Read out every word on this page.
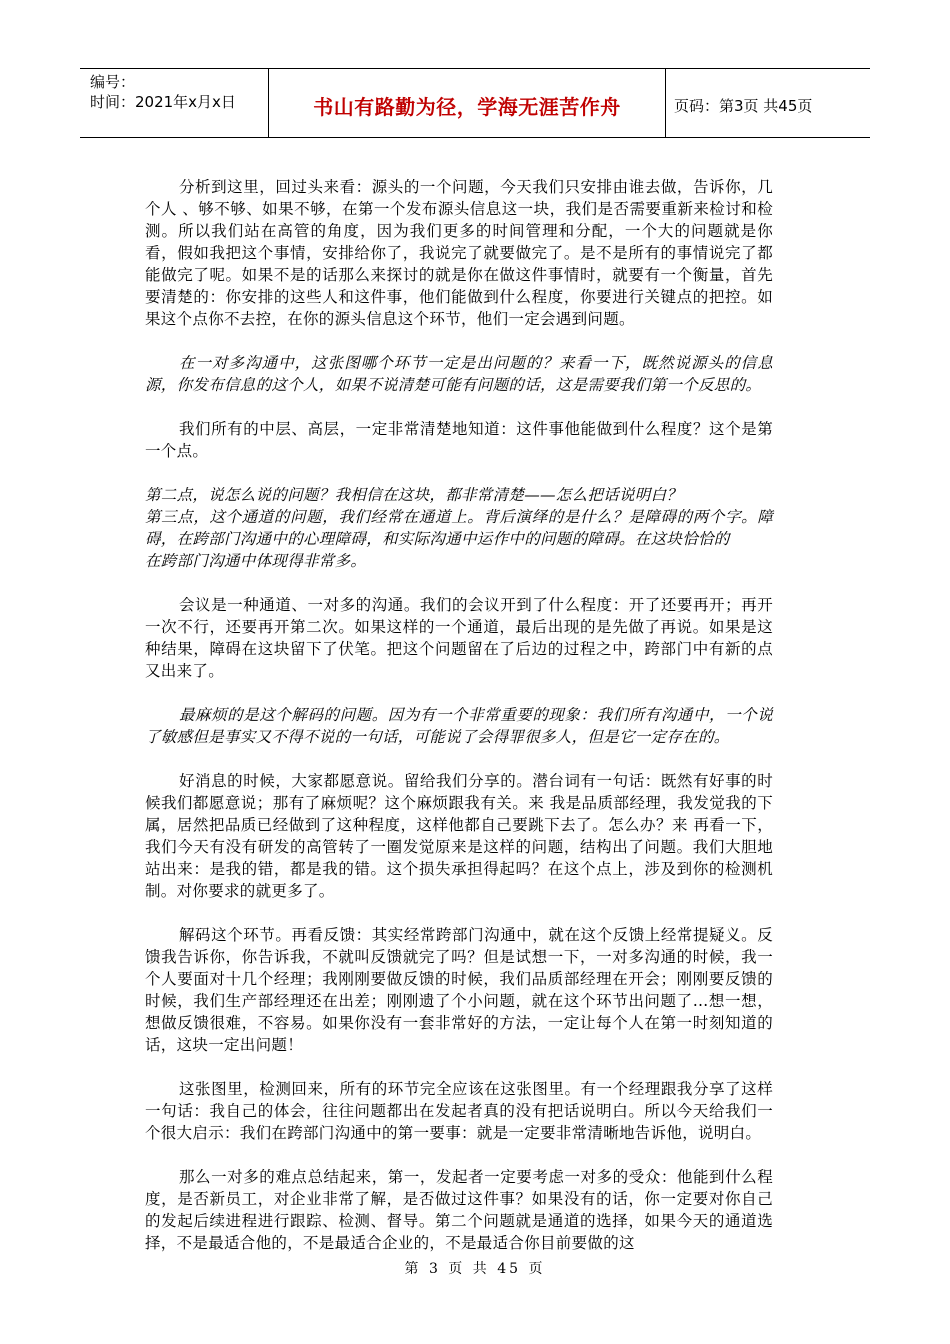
编号：
时间：2021年x月x日	书山有路勤为径，学海无涯苦作舟	页码：第3页 共45页

分析到这里，回过头来看：源头的一个问题，今天我们只安排由谁去做，告诉你，几个人 、够不够、如果不够，在第一个发布源头信息这一块，我们是否需要重新来检讨和检测。所以我们站在高管的角度，因为我们更多的时间管理和分配，一个大的问题就是你看，假如我把这个事情，安排给你了，我说完了就要做完了。是不是所有的事情说完了都能做完了呢。如果不是的话那么来探讨的就是你在做这件事情时，就要有一个衡量，首先要清楚的：你安排的这些人和这件事，他们能做到什么程度，你要进行关键点的把控。如果这个点你不去控，在你的源头信息这个环节，他们一定会遇到问题。

在一对多沟通中，这张图哪个环节一定是出问题的？来看一下，既然说源头的信息源，你发布信息的这个人，如果不说清楚可能有问题的话，这是需要我们第一个反思的。

我们所有的中层、高层，一定非常清楚地知道：这件事他能做到什么程度？这个是第一个点。

第二点，说怎么说的问题？我相信在这块，都非常清楚——怎么把话说明白？

第三点，这个通道的问题，我们经常在通道上。背后演绎的是什么？是障碍的两个字。障碍，在跨部门沟通中的心理障碍，和实际沟通中运作中的问题的障碍。在这块恰恰的

在跨部门沟通中体现得非常多。

会议是一种通道、一对多的沟通。我们的会议开到了什么程度：开了还要再开；再开一次不行，还要再开第二次。如果这样的一个通道，最后出现的是先做了再说。如果是这种结果，障碍在这块留下了伏笔。把这个问题留在了后边的过程之中，跨部门中有新的点又出来了。

最麻烦的是这个解码的问题。因为有一个非常重要的现象：我们所有沟通中，一个说了敏感但是事实又不得不说的一句话，可能说了会得罪很多人，但是它一定存在的。

好消息的时候，大家都愿意说。留给我们分享的。潜台词有一句话：既然有好事的时候我们都愿意说；那有了麻烦呢？这个麻烦跟我有关。来 我是品质部经理，我发觉我的下属，居然把品质已经做到了这种程度，这样他都自己要跳下去了。怎么办？来 再看一下，我们今天有没有研发的高管转了一圈发觉原来是这样的问题，结构出了问题。我们大胆地站出来：是我的错，都是我的错。这个损失承担得起吗？在这个点上，涉及到你的检测机制。对你要求的就更多了。

解码这个环节。再看反馈：其实经常跨部门沟通中，就在这个反馈上经常提疑义。反馈我告诉你，你告诉我，不就叫反馈就完了吗？但是试想一下，一对多沟通的时候，我一个人要面对十几个经理；我刚刚要做反馈的时候，我们品质部经理在开会；刚刚要反馈的时候，我们生产部经理还在出差；刚刚遗了个小问题，就在这个环节出问题了…想一想，想做反馈很难，不容易。如果你没有一套非常好的方法，一定让每个人在第一时刻知道的话，这块一定出问题！

这张图里，检测回来，所有的环节完全应该在这张图里。有一个经理跟我分享了这样一句话：我自己的体会，往往问题都出在发起者真的没有把话说明白。所以今天给我们一个很大启示：我们在跨部门沟通中的第一要事：就是一定要非常清晰地告诉他，说明白。

那么一对多的难点总结起来，第一，发起者一定要考虑一对多的受众：他能到什么程度，是否新员工，对企业非常了解，是否做过这件事？如果没有的话，你一定要对你自己的发起后续进程进行跟踪、检测、督导。第二个问题就是通道的选择，如果今天的通道选择，不是最适合他的，不是最适合企业的，不是最适合你目前要做的这

第 3 页 共 45 页
